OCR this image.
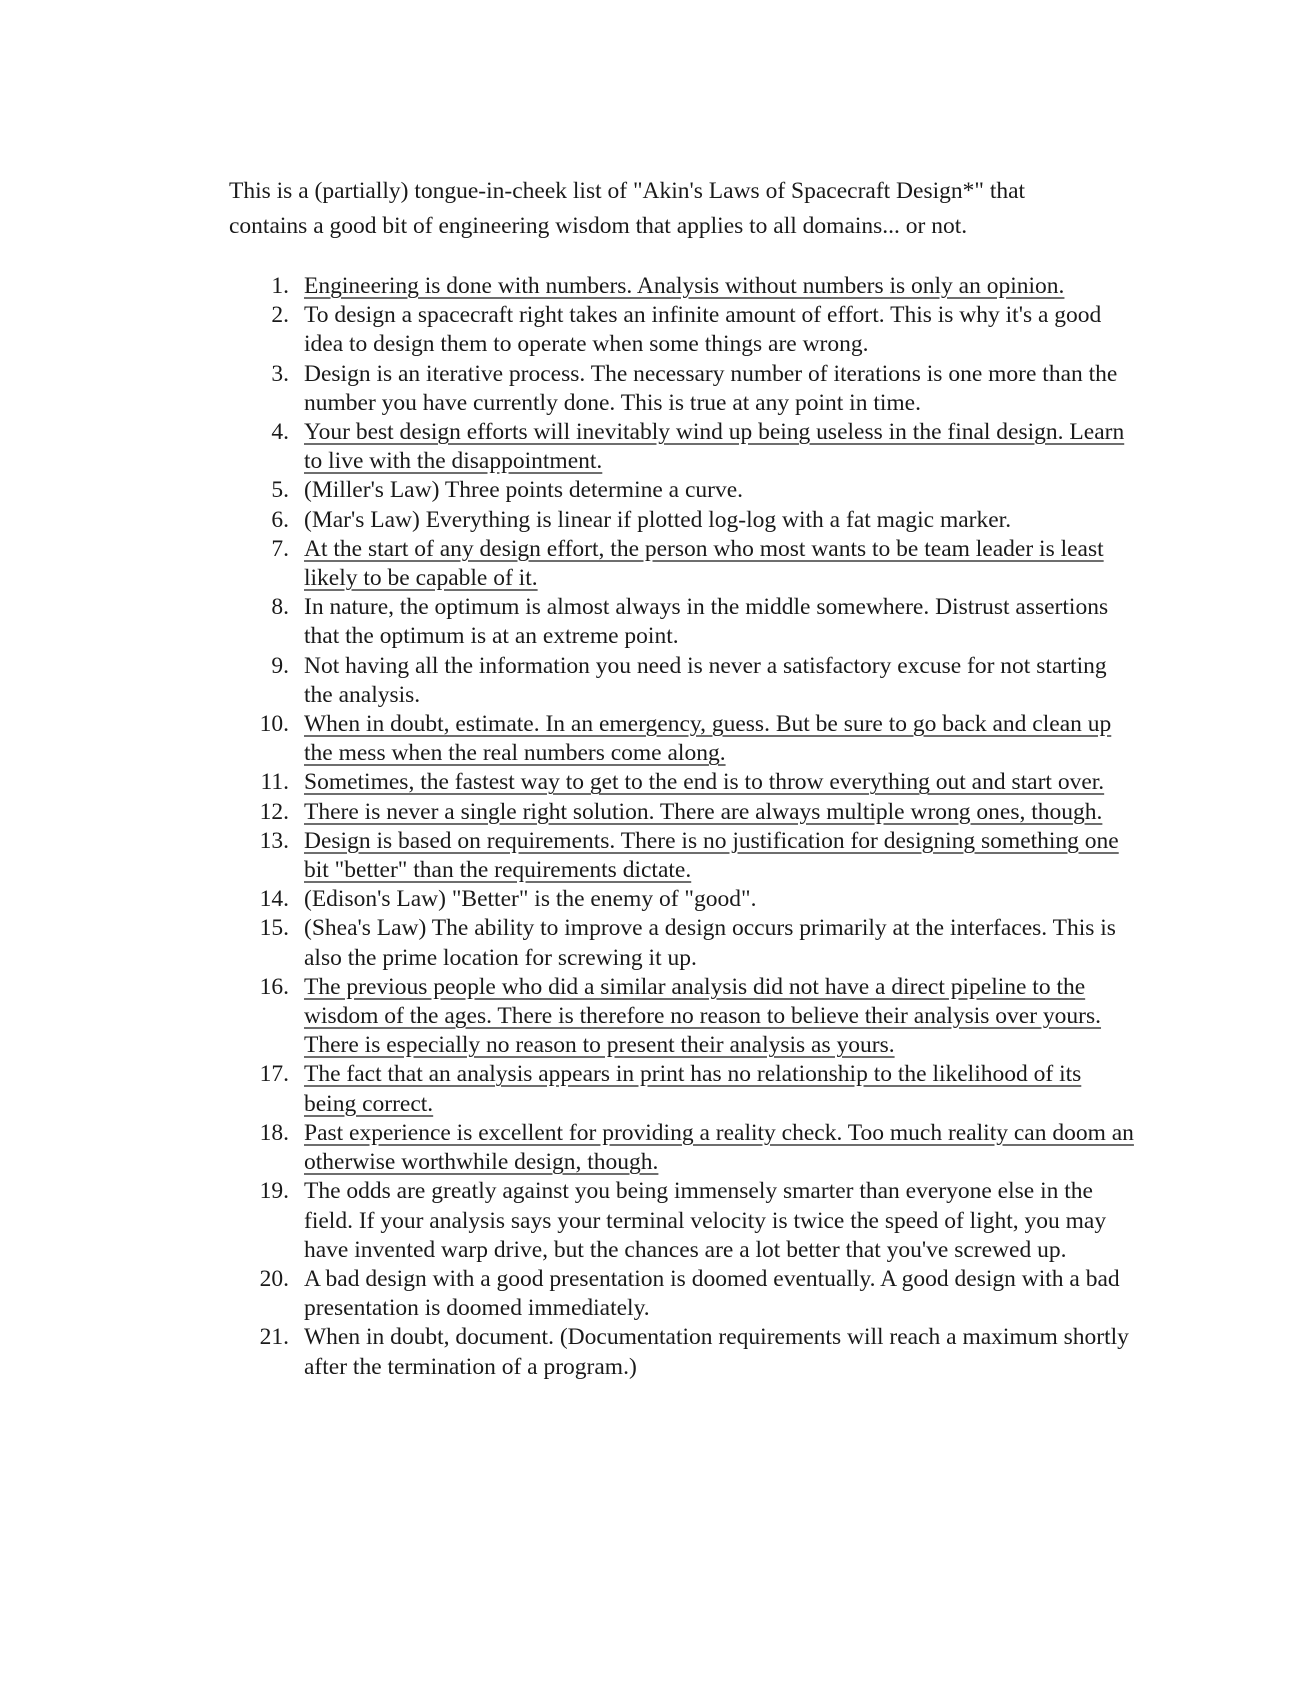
This is a (partially) tongue-in-cheek list of "Akin's Laws of Spacecraft Design*" that contains a good bit of engineering wisdom that applies to all domains... or not.

1. Engineering is done with numbers. Analysis without numbers is only an opinion.
2. To design a spacecraft right takes an infinite amount of effort. This is why it's a good idea to design them to operate when some things are wrong.
3. Design is an iterative process. The necessary number of iterations is one more than the number you have currently done. This is true at any point in time.
4. Your best design efforts will inevitably wind up being useless in the final design. Learn to live with the disappointment.
5. (Miller's Law) Three points determine a curve.
6. (Mar's Law) Everything is linear if plotted log-log with a fat magic marker.
7. At the start of any design effort, the person who most wants to be team leader is least likely to be capable of it.
8. In nature, the optimum is almost always in the middle somewhere. Distrust assertions that the optimum is at an extreme point.
9. Not having all the information you need is never a satisfactory excuse for not starting the analysis.
10. When in doubt, estimate. In an emergency, guess. But be sure to go back and clean up the mess when the real numbers come along.
11. Sometimes, the fastest way to get to the end is to throw everything out and start over.
12. There is never a single right solution. There are always multiple wrong ones, though.
13. Design is based on requirements. There is no justification for designing something one bit "better" than the requirements dictate.
14. (Edison's Law) "Better" is the enemy of "good".
15. (Shea's Law) The ability to improve a design occurs primarily at the interfaces. This is also the prime location for screwing it up.
16. The previous people who did a similar analysis did not have a direct pipeline to the wisdom of the ages. There is therefore no reason to believe their analysis over yours. There is especially no reason to present their analysis as yours.
17. The fact that an analysis appears in print has no relationship to the likelihood of its being correct.
18. Past experience is excellent for providing a reality check. Too much reality can doom an otherwise worthwhile design, though.
19. The odds are greatly against you being immensely smarter than everyone else in the field. If your analysis says your terminal velocity is twice the speed of light, you may have invented warp drive, but the chances are a lot better that you've screwed up.
20. A bad design with a good presentation is doomed eventually. A good design with a bad presentation is doomed immediately.
21. When in doubt, document. (Documentation requirements will reach a maximum shortly after the termination of a program.)
